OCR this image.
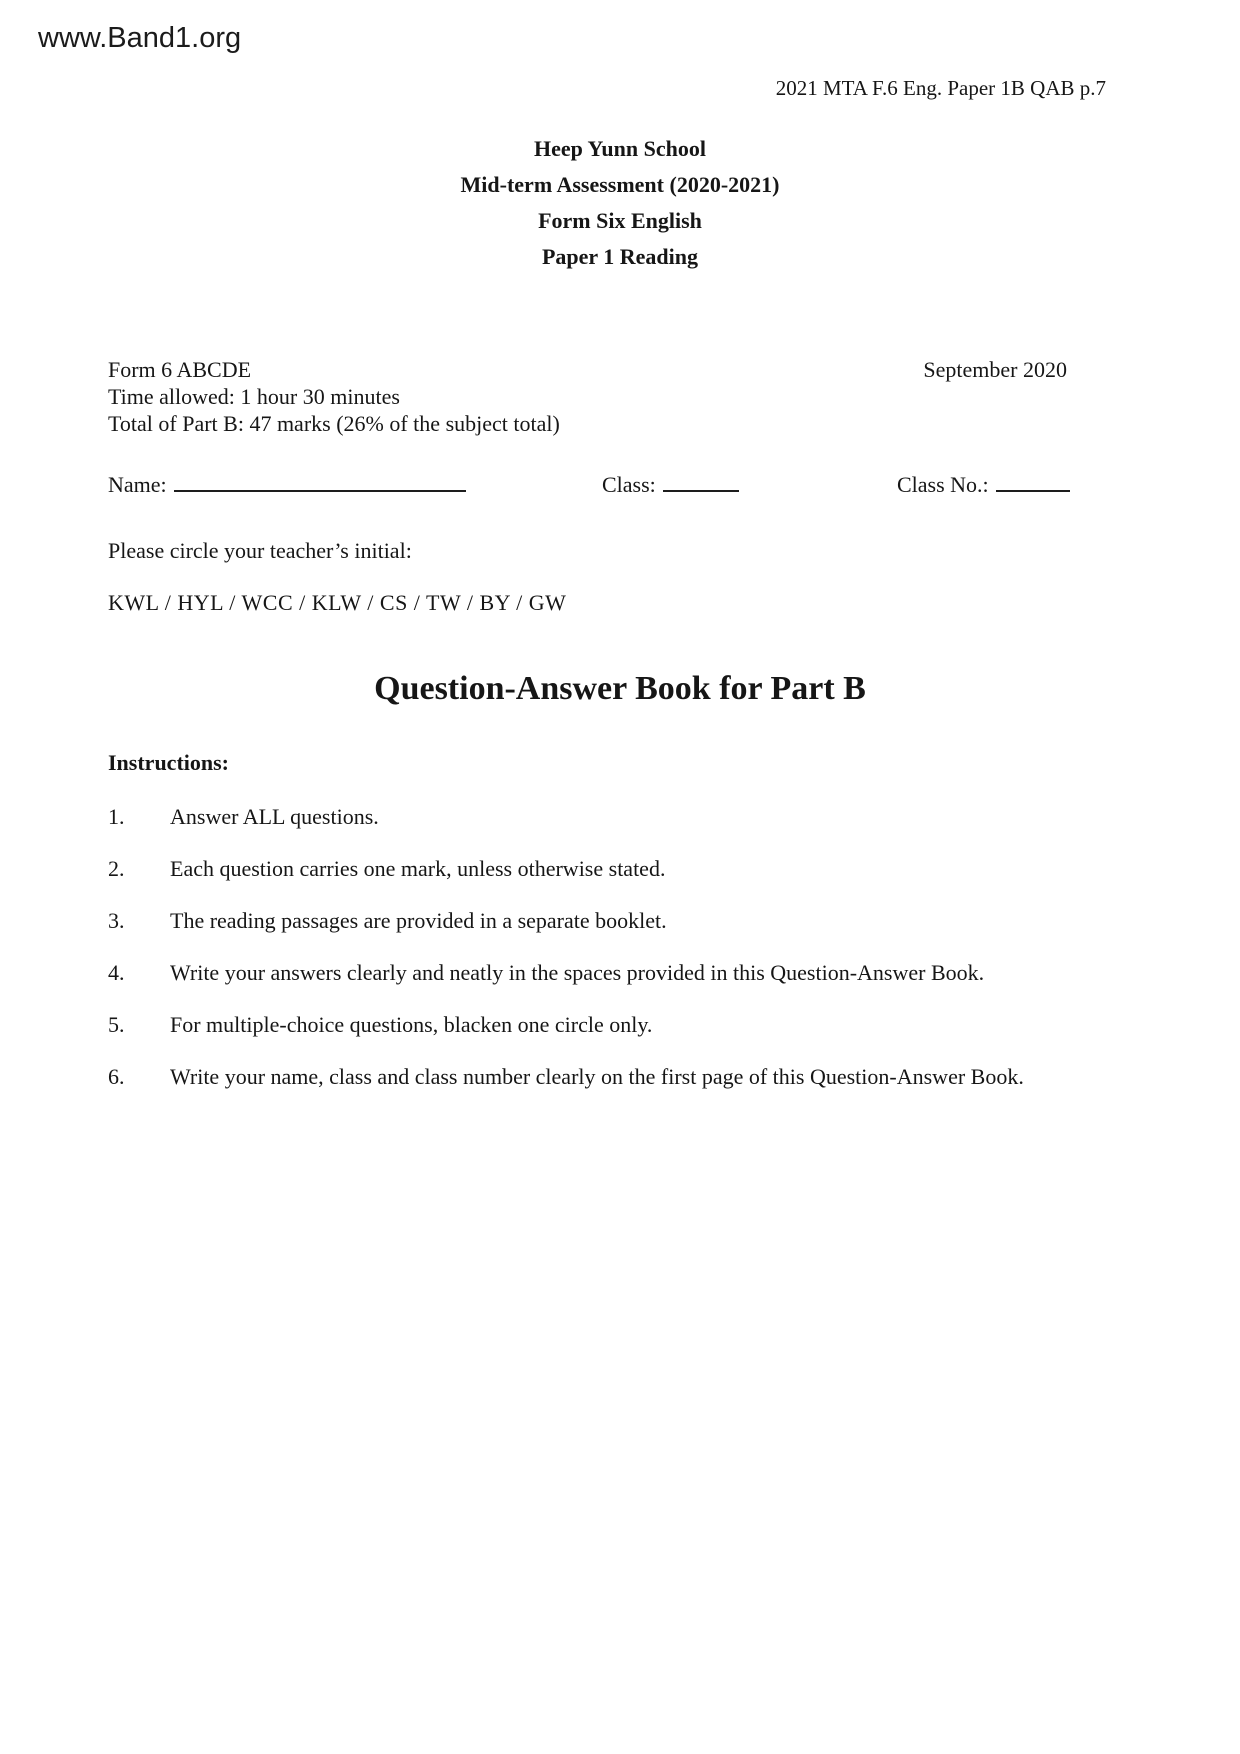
www.Band1.org
2021 MTA F.6 Eng. Paper 1B QAB p.7
Heep Yunn School
Mid-term Assessment (2020-2021)
Form Six English
Paper 1 Reading
Form 6 ABCDE	September 2020
Time allowed: 1 hour 30 minutes
Total of Part B: 47 marks (26% of the subject total)
Name:	Class:	Class No.:
Please circle your teacher’s initial:
KWL / HYL / WCC / KLW / CS / TW / BY / GW
Question-Answer Book for Part B
Instructions:
1.	Answer ALL questions.
2.	Each question carries one mark, unless otherwise stated.
3.	The reading passages are provided in a separate booklet.
4.	Write your answers clearly and neatly in the spaces provided in this Question-Answer Book.
5.	For multiple-choice questions, blacken one circle only.
6.	Write your name, class and class number clearly on the first page of this Question-Answer Book.
